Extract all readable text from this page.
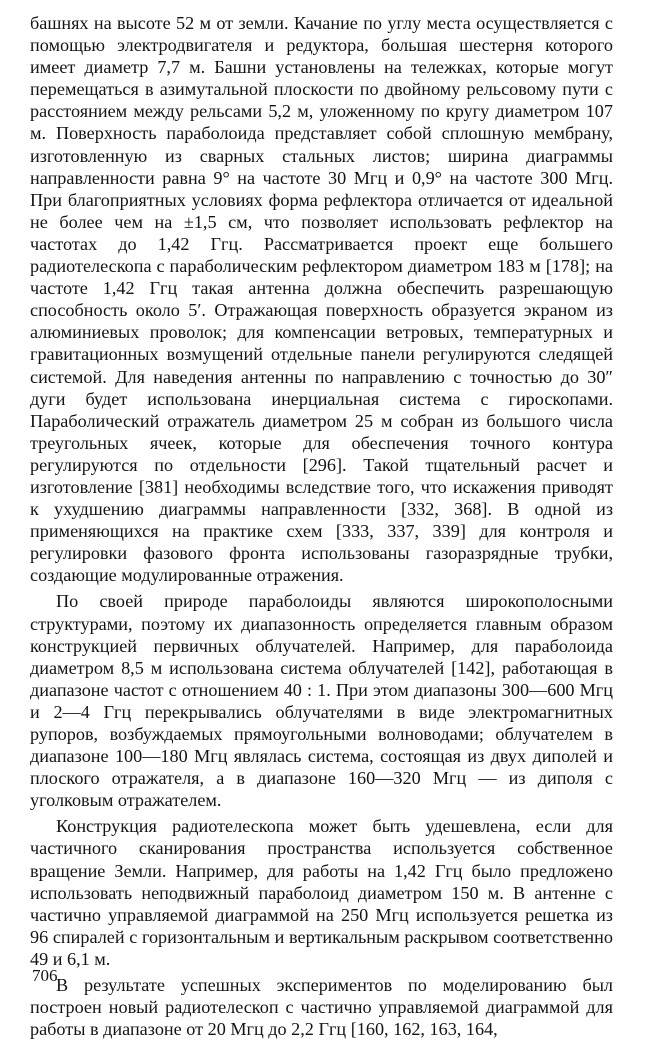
башнях на высоте 52 м от земли. Качание по углу места осуществляется с помощью электродвигателя и редуктора, большая шестерня которого имеет диаметр 7,7 м. Башни установлены на тележках, которые могут перемещаться в азимутальной плоскости по двойному рельсовому пути с расстоянием между рельсами 5,2 м, уложенному по кругу диаметром 107 м. Поверхность параболоида представляет собой сплошную мембрану, изготовленную из сварных стальных листов; ширина диаграммы направленности равна 9° на частоте 30 Мгц и 0,9° на частоте 300 Мгц. При благоприятных условиях форма рефлектора отличается от идеальной не более чем на ±1,5 см, что позволяет использовать рефлектор на частотах до 1,42 Ггц. Рассматривается проект еще большего радиотелескопа с параболическим рефлектором диаметром 183 м [178]; на частоте 1,42 Ггц такая антенна должна обеспечить разрешающую способность около 5′. Отражающая поверхность образуется экраном из алюминиевых проволок; для компенсации ветровых, температурных и гравитационных возмущений отдельные панели регулируются следящей системой. Для наведения антенны по направлению с точностью до 30″ дуги будет использована инерциальная система с гироскопами. Параболический отражатель диаметром 25 м собран из большого числа треугольных ячеек, которые для обеспечения точного контура регулируются по отдельности [296]. Такой тщательный расчет и изготовление [381] необходимы вследствие того, что искажения приводят к ухудшению диаграммы направленности [332, 368]. В одной из применяющихся на практике схем [333, 337, 339] для контроля и регулировки фазового фронта использованы газоразрядные трубки, создающие модулированные отражения.

По своей природе параболоиды являются широкополосными структурами, поэтому их диапазонность определяется главным образом конструкцией первичных облучателей. Например, для параболоида диаметром 8,5 м использована система облучателей [142], работающая в диапазоне частот с отношением 40 : 1. При этом диапазоны 300—600 Мгц и 2—4 Ггц перекрывались облучателями в виде электромагнитных рупоров, возбуждаемых прямоугольными волноводами; облучателем в диапазоне 100—180 Мгц являлась система, состоящая из двух диполей и плоского отражателя, а в диапазоне 160—320 Мгц — из диполя с уголковым отражателем.

Конструкция радиотелескопа может быть удешевлена, если для частичного сканирования пространства используется собственное вращение Земли. Например, для работы на 1,42 Ггц было предложено использовать неподвижный параболоид диаметром 150 м. В антенне с частично управляемой диаграммой на 250 Мгц используется решетка из 96 спиралей с горизонтальным и вертикальным раскрывом соответственно 49 и 6,1 м.

В результате успешных экспериментов по моделированию был построен новый радиотелескоп с частично управляемой диаграммой для работы в диапазоне от 20 Мгц до 2,2 Ггц [160, 162, 163, 164,

706
